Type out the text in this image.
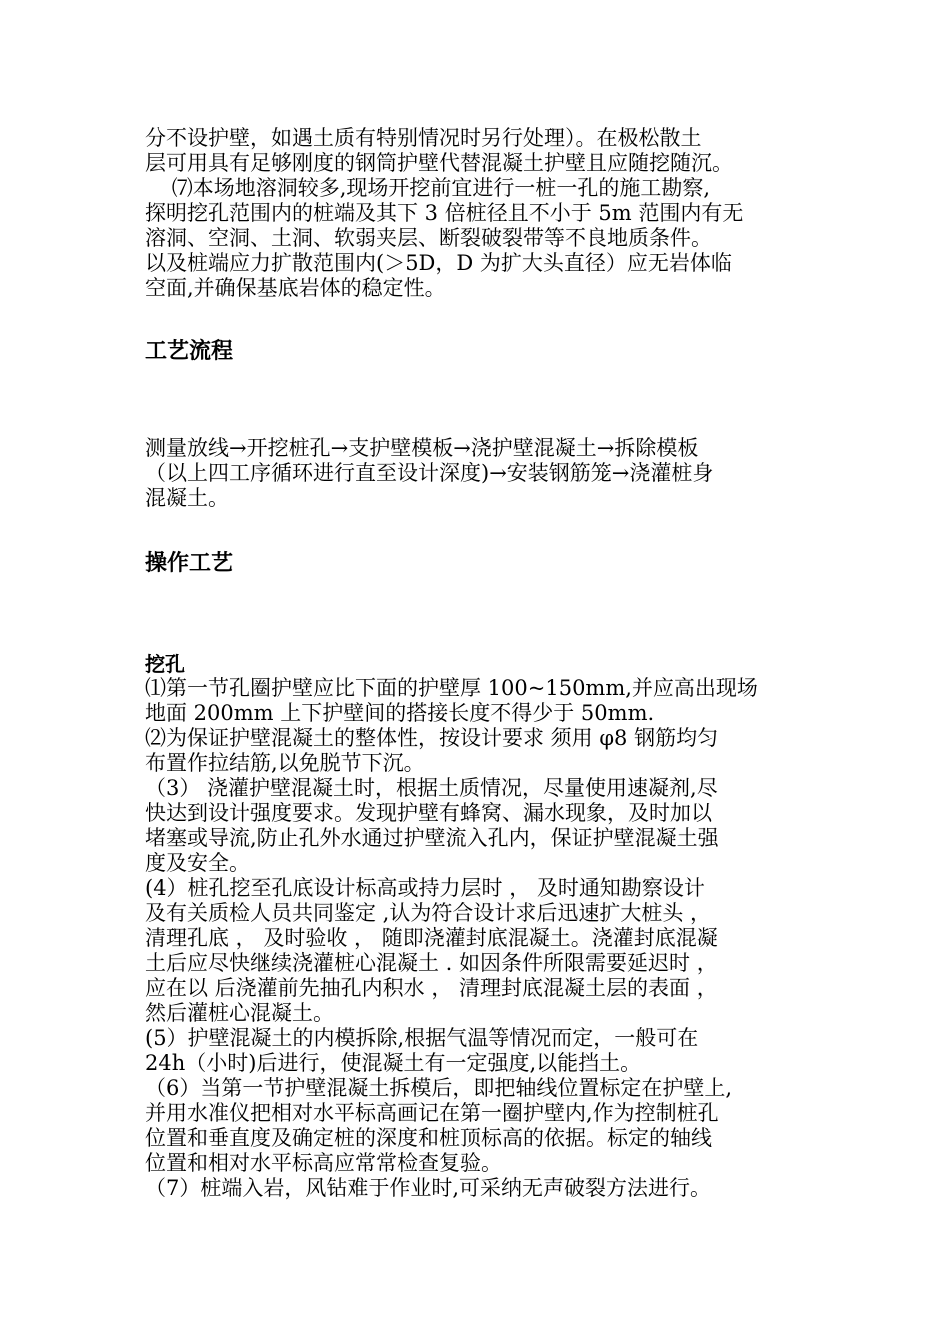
分不设护壁，如遇土质有特别情况时另行处理）。在极松散土
层可用具有足够刚度的钢筒护壁代替混凝土护壁且应随挖随沉。
⑺本场地溶洞较多,现场开挖前宜进行一桩一孔的施工勘察,
探明挖孔范围内的桩端及其下 3 倍桩径且不小于 5m 范围内有无
溶洞、空洞、土洞、软弱夹层、断裂破裂带等不良地质条件。
以及桩端应力扩散范围内(＞5D，D 为扩大头直径）应无岩体临
空面,并确保基底岩体的稳定性。
工艺流程
测量放线→开挖桩孔→支护壁模板→浇护壁混凝土→拆除模板
（以上四工序循环进行直至设计深度)→安装钢筋笼→浇灌桩身
混凝土。
操作工艺
挖孔
⑴第一节孔圈护壁应比下面的护壁厚 100~150mm,并应高出现场
地面 200mm 上下护壁间的搭接长度不得少于 50mm.
⑵为保证护壁混凝土的整体性，按设计要求 须用 φ8 钢筋均匀
布置作拉结筋,以免脱节下沉。
（3） 浇灌护壁混凝土时，根据土质情况，尽量使用速凝剂,尽
快达到设计强度要求。发现护壁有蜂窝、漏水现象，及时加以
堵塞或导流,防止孔外水通过护壁流入孔内，保证护壁混凝土强
度及安全。
(4）桩孔挖至孔底设计标高或持力层时 ， 及时通知勘察设计
及有关质检人员共同鉴定 ,认为符合设计求后迅速扩大桩头 ，
清理孔底 ， 及时验收 ， 随即浇灌封底混凝土。浇灌封底混凝
土后应尽快继续浇灌桩心混凝土 . 如因条件所限需要延迟时 ，
应在以 后浇灌前先抽孔内积水 ， 清理封底混凝土层的表面 ，
然后灌桩心混凝土。
(5）护壁混凝土的内模拆除,根据气温等情况而定，一般可在
24h（小时)后进行，使混凝土有一定强度,以能挡土。
（6）当第一节护壁混凝土拆模后，即把轴线位置标定在护壁上,
并用水准仪把相对水平标高画记在第一圈护壁内,作为控制桩孔
位置和垂直度及确定桩的深度和桩顶标高的依据。标定的轴线
位置和相对水平标高应常常检查复验。
（7）桩端入岩，风钻难于作业时,可采纳无声破裂方法进行。
